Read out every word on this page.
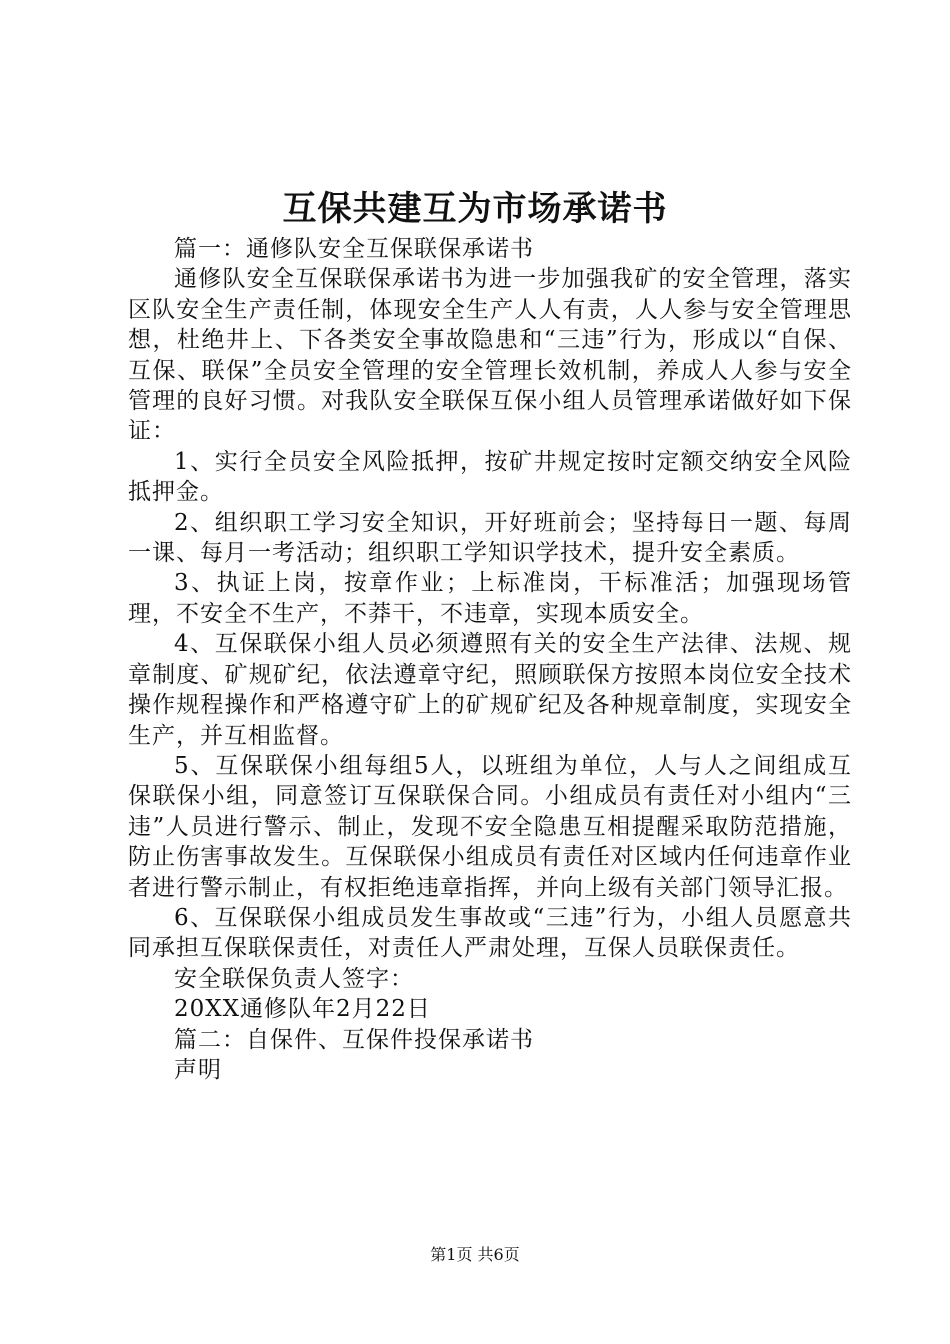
互保共建互为市场承诺书

篇一：通修队安全互保联保承诺书

通修队安全互保联保承诺书为进一步加强我矿的安全管理，落实区队安全生产责任制，体现安全生产人人有责，人人参与安全管理思想，杜绝井上、下各类安全事故隐患和“三违”行为，形成以“自保、互保、联保”全员安全管理的安全管理长效机制，养成人人参与安全管理的良好习惯。对我队安全联保互保小组人员管理承诺做好如下保证：

1、实行全员安全风险抵押，按矿井规定按时定额交纳安全风险抵押金。

2、组织职工学习安全知识，开好班前会；坚持每日一题、每周一课、每月一考活动；组织职工学知识学技术，提升安全素质。

3、执证上岗，按章作业；上标准岗，干标准活；加强现场管理，不安全不生产，不莽干，不违章，实现本质安全。

4、互保联保小组人员必须遵照有关的安全生产法律、法规、规章制度、矿规矿纪，依法遵章守纪，照顾联保方按照本岗位安全技术操作规程操作和严格遵守矿上的矿规矿纪及各种规章制度，实现安全生产，并互相监督。

5、互保联保小组每组5人，以班组为单位，人与人之间组成互保联保小组，同意签订互保联保合同。小组成员有责任对小组内“三违”人员进行警示、制止，发现不安全隐患互相提醒采取防范措施，防止伤害事故发生。互保联保小组成员有责任对区域内任何违章作业者进行警示制止，有权拒绝违章指挥，并向上级有关部门领导汇报。

6、互保联保小组成员发生事故或“三违”行为，小组人员愿意共同承担互保联保责任，对责任人严肃处理，互保人员联保责任。

安全联保负责人签字：

20XX通修队年2月22日

篇二：自保件、互保件投保承诺书

声明

第1页 共6页
